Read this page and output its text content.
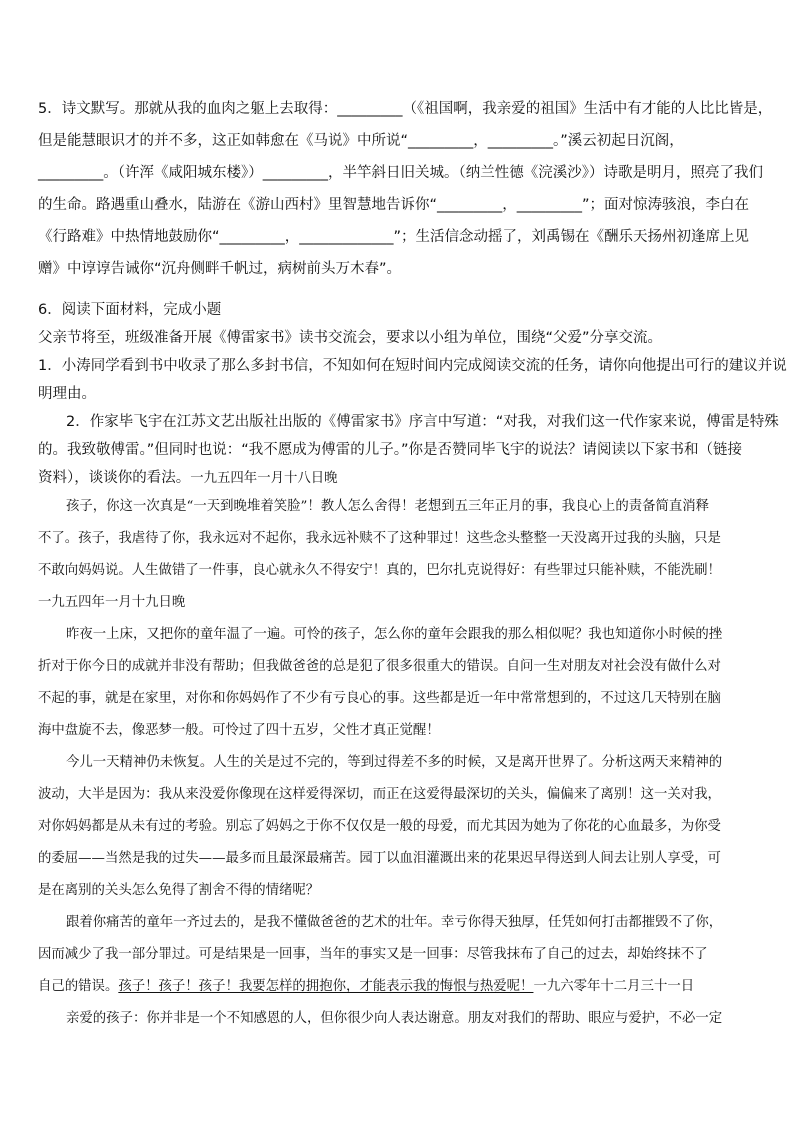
5．诗文默写。那就从我的血肉之躯上去取得：_________（《祖国啊，我亲爱的祖国》生活中有才能的人比比皆是，
但是能慧眼识才的并不多，这正如韩愈在《马说》中所说“_________，_________。”溪云初起日沉阁，
_________。（许浑《咸阳城东楼》）_________，半竿斜日旧关城。（纳兰性德《浣溪沙》）诗歌是明月，照亮了我们
的生命。路遇重山叠水，陆游在《游山西村》里智慧地告诉你“_________，_________”；面对惊涛骇浪，李白在
《行路难》中热情地鼓励你“_________，_____________”；生活信念动摇了，刘禹锡在《酬乐天扬州初逢席上见
赠》中谆谆告诫你“沉舟侧畔千帆过，病树前头万木春”。
6．阅读下面材料，完成小题
父亲节将至，班级准备开展《傅雷家书》读书交流会，要求以小组为单位，围绕“父爱”分享交流。
1．小涛同学看到书中收录了那么多封书信，不知如何在短时间内完成阅读交流的任务，请你向他提出可行的建议并说
明理由。
2．作家毕飞宇在江苏文艺出版社出版的《傅雷家书》序言中写道：“对我，对我们这一代作家来说，傅雷是特殊
的。我致敬傅雷。”但同时也说：“我不愿成为傅雷的儿子。”你是否赞同毕飞宇的说法？请阅读以下家书和（链接
资料），谈谈你的看法。一九五四年一月十八日晚
孩子，你这一次真是“一天到晚堆着笑脸”！教人怎么舍得！老想到五三年正月的事，我良心上的责备简直消释
不了。孩子，我虐待了你，我永远对不起你，我永远补赎不了这种罪过！这些念头整整一天没离开过我的头脑，只是
不敢向妈妈说。人生做错了一件事，良心就永久不得安宁！真的，巴尔扎克说得好：有些罪过只能补赎，不能洗刷！
一九五四年一月十九日晚
昨夜一上床，又把你的童年温了一遍。可怜的孩子，怎么你的童年会跟我的那么相似呢？我也知道你小时候的挫
折对于你今日的成就并非没有帮助；但我做爸爸的总是犯了很多很重大的错误。自问一生对朋友对社会没有做什么对
不起的事，就是在家里，对你和你妈妈作了不少有亏良心的事。这些都是近一年中常常想到的，不过这几天特别在脑
海中盘旋不去，像恶梦一般。可怜过了四十五岁，父性才真正觉醒！
今儿一天精神仍未恢复。人生的关是过不完的，等到过得差不多的时候，又是离开世界了。分析这两天来精神的
波动，大半是因为：我从来没爱你像现在这样爱得深切，而正在这爱得最深切的关头，偏偏来了离别！这一关对我，
对你妈妈都是从未有过的考验。别忘了妈妈之于你不仅仅是一般的母爱，而尤其因为她为了你花的心血最多，为你受
的委屈——当然是我的过失——最多而且最深最痛苦。园丁以血泪灌溉出来的花果迟早得送到人间去让别人享受，可
是在离别的关头怎么免得了割舍不得的情绪呢？
跟着你痛苦的童年一齐过去的，是我不懂做爸爸的艺术的壮年。幸亏你得天独厚，任凭如何打击都摧毁不了你，
因而减少了我一部分罪过。可是结果是一回事，当年的事实又是一回事：尽管我抹布了自己的过去，却始终抹不了
自己的错误。孩子！孩子！孩子！我要怎样的拥抱你，才能表示我的悔恨与热爱呢！一九六零年十二月三十一日
亲爱的孩子：你并非是一个不知感恩的人，但你很少向人表达谢意。朋友对我们的帮助、眼应与爱护，不必一定
